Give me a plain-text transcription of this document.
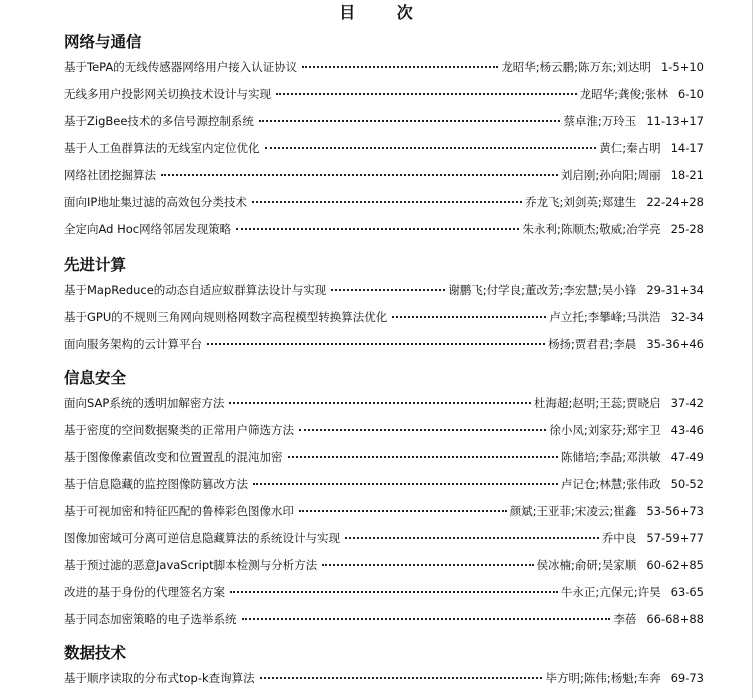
目 次
网络与通信
基于TePA的无线传感器网络用户接入认证协议	龙昭华;杨云鹏;陈万东;刘达明 1-5+10
无线多用户投影网关切换技术设计与实现	龙昭华;龚俊;张林 6-10
基于ZigBee技术的多信号源控制系统	蔡卓淮;万玲玉 11-13+17
基于人工鱼群算法的无线室内定位优化	黄仁;秦占明 14-17
网络社团挖掘算法	刘启刚;孙向阳;周丽 18-21
面向IP地址集过滤的高效包分类技术	乔龙飞;刘剑英;郑建生 22-24+28
全定向Ad Hoc网络邻居发现策略	朱永利;陈顺杰;敬威;冶学亮 25-28
先进计算
基于MapReduce的动态自适应蚁群算法设计与实现	谢鹏飞;付学良;董改芳;李宏慧;吴小锋 29-31+34
基于GPU的不规则三角网向规则格网数字高程模型转换算法优化	卢立托;李攀峰;马洪浩 32-34
面向服务架构的云计算平台	杨扬;贾君君;李晨 35-36+46
信息安全
面向SAP系统的透明加解密方法	杜海超;赵明;王蕊;贾晓启 37-42
基于密度的空间数据聚类的正常用户筛选方法	徐小凤;刘家芬;郑宇卫 43-46
基于图像像素值改变和位置置乱的混沌加密	陈储培;李晶;邓洪敏 47-49
基于信息隐藏的监控图像防篡改方法	卢记仓;林慧;张伟政 50-52
基于可视加密和特征匹配的鲁棒彩色图像水印	颜斌;王亚菲;宋凌云;崔鑫 53-56+73
图像加密域可分离可逆信息隐藏算法的系统设计与实现	乔中良 57-59+77
基于预过滤的恶意JavaScript脚本检测与分析方法	侯冰楠;俞研;吴家顺 60-62+85
改进的基于身份的代理签名方案	牛永正;亢保元;许昊 63-65
基于同态加密策略的电子选举系统	李蓓 66-68+88
数据技术
基于顺序读取的分布式top-k查询算法	毕方明;陈伟;杨魁;车奔 69-73
